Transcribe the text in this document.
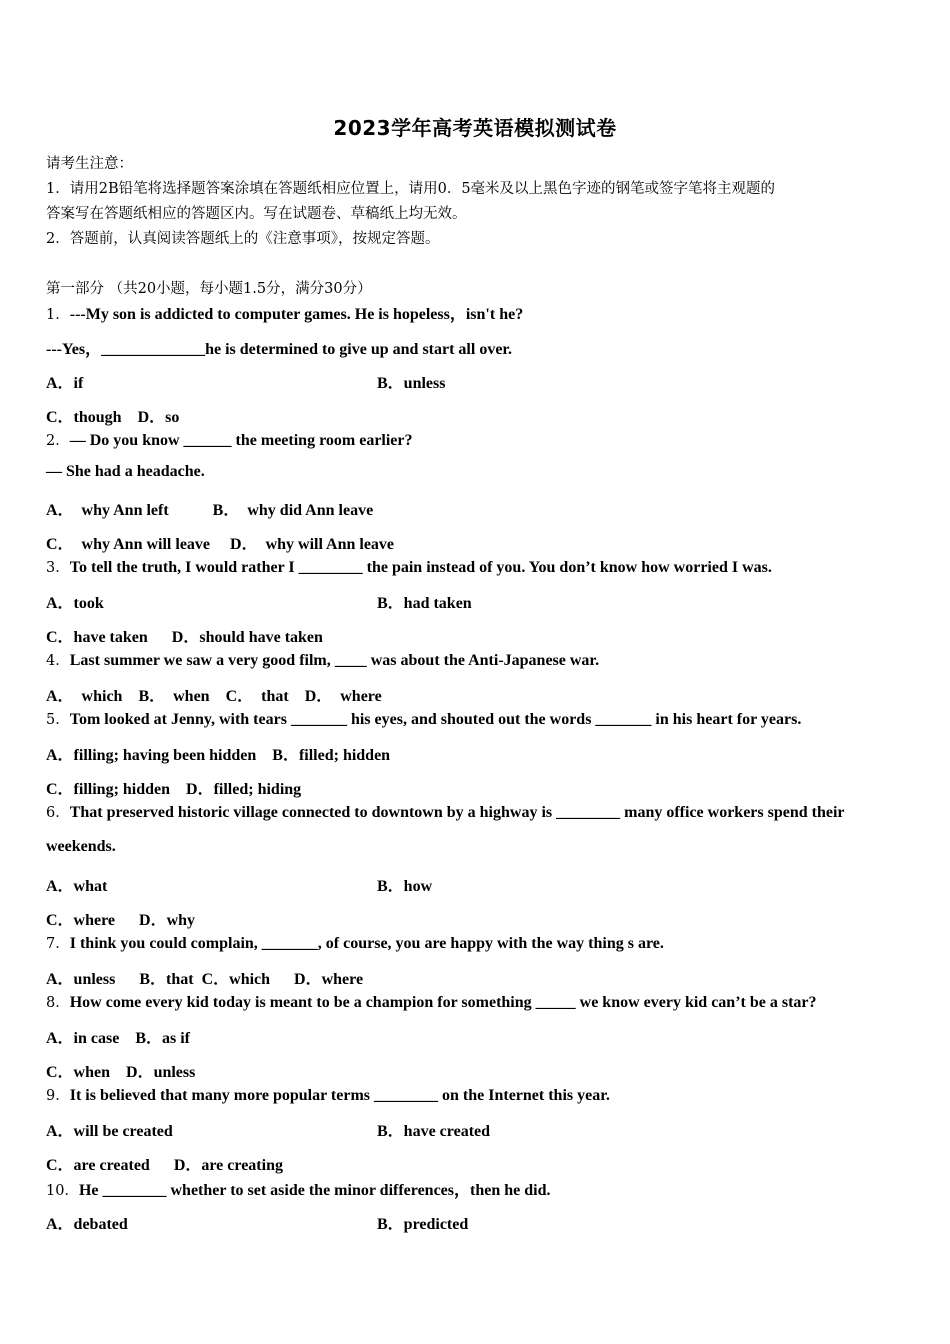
2023学年高考英语模拟测试卷
请考生注意：
1．请用2B铅笔将选择题答案涂填在答题纸相应位置上，请用0．5毫米及以上黑色字迹的钢笔或签字笔将主观题的
答案写在答题纸相应的答题区内。写在试题卷、草稿纸上均无效。
2．答题前，认真阅读答题纸上的《注意事项》，按规定答题。
第一部分 （共20小题，每小题1.5分，满分30分）
1．---My son is addicted to computer games. He is hopeless，isn't he?
---Yes，_____________he is determined to give up and start all over.
A．if	B．unless
C．though    D．so
2．— Do you know ______ the meeting room earlier?
— She had a headache.
A．  why Ann left           B．  why did Ann leave
C．  why Ann will leave     D．  why will Ann leave
3．To tell the truth, I would rather I ________ the pain instead of you. You don’t know how worried I was.
A．took	B．had taken
C．have taken      D．should have taken
4．Last summer we saw a very good film, ____ was about the Anti-Japanese war.
A．  which    B．  when    C．  that    D．  where
5．Tom looked at Jenny, with tears _______ his eyes, and shouted out the words _______ in his heart for years.
A．filling; having been hidden    B．filled; hidden
C．filling; hidden    D．filled; hiding
6．That preserved historic village connected to downtown by a highway is ________ many office workers spend their
weekends.
A．what	B．how
C．where      D．why
7．I think you could complain, _______, of course, you are happy with the way thing s are.
A．unless      B．that  C．which      D．where
8．How come every kid today is meant to be a champion for something _____ we know every kid can’t be a star?
A．in case    B．as if
C．when    D．unless
9．It is believed that many more popular terms ________ on the Internet this year.
A．will be created	B．have created
C．are created      D．are creating
10．He ________ whether to set aside the minor differences，then he did.
A．debated	B．predicted
